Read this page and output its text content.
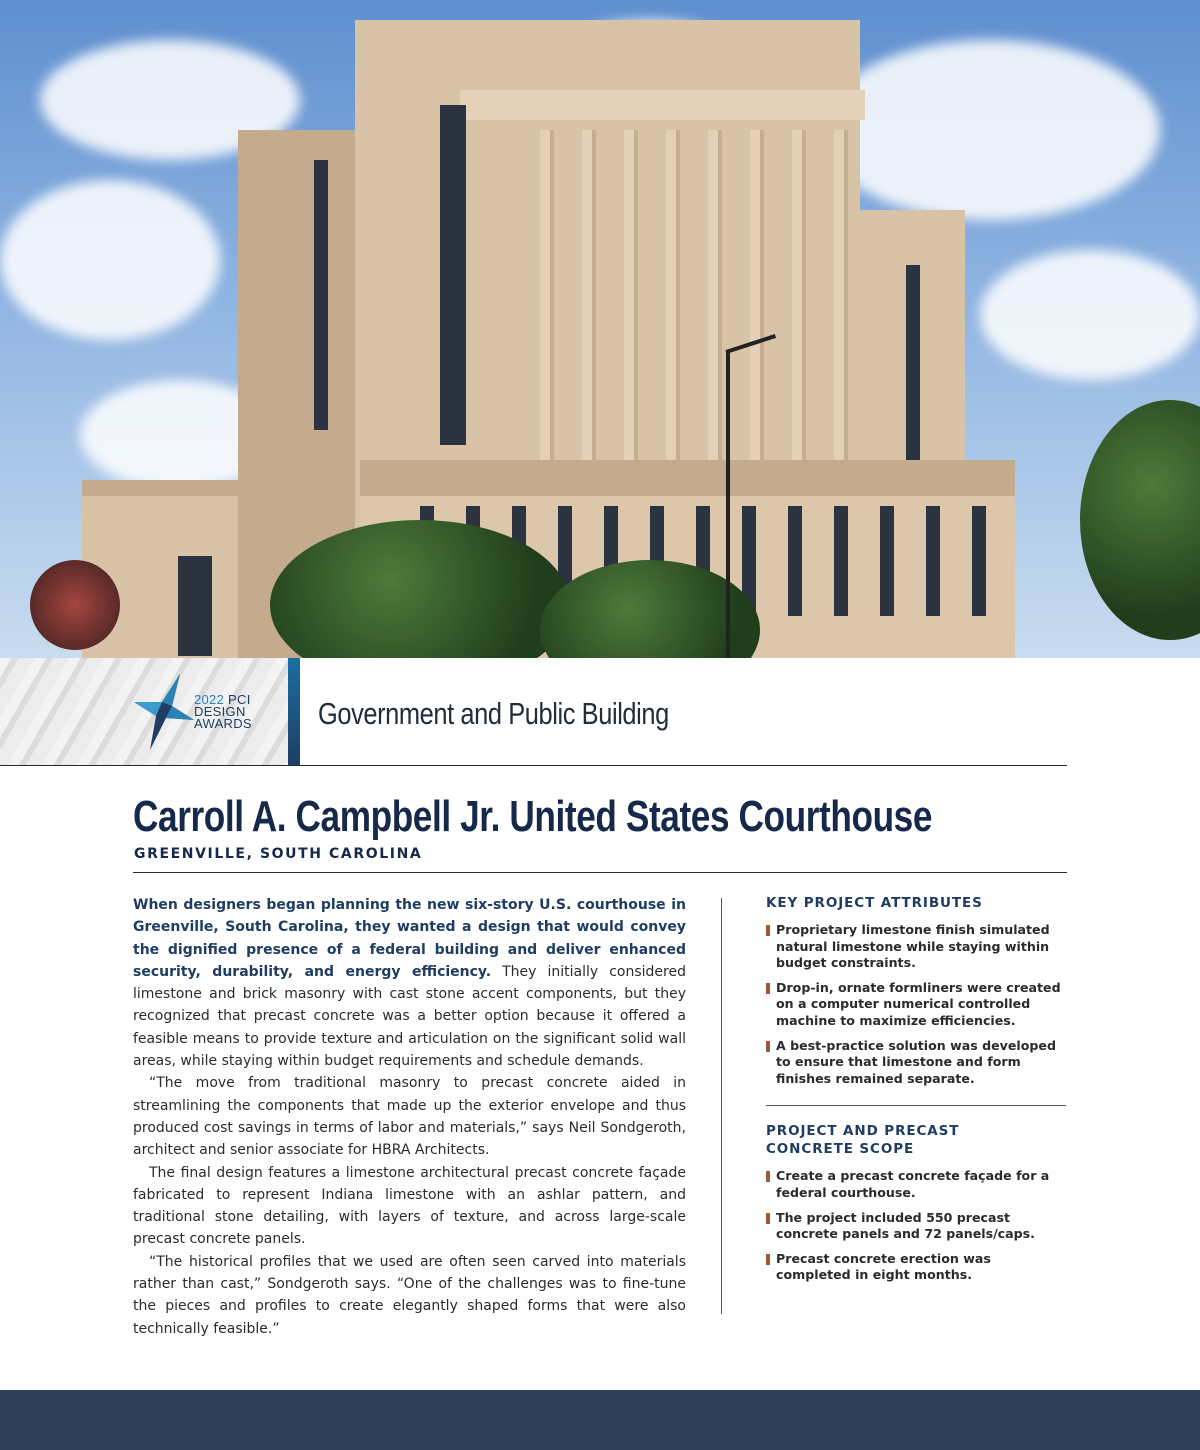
2022 PCI
DESIGN
AWARDS Government and Public Building
Carroll A. Campbell Jr. United States Courthouse
GREENVILLE, SOUTH CAROLINA

When designers began planning the new six-story U.S. courthouse in Greenville, South Carolina, they wanted a design that would convey the dignified presence of a federal building and deliver enhanced security, durability, and energy efficiency. They initially considered limestone and brick masonry with cast stone accent components, but they recognized that precast concrete was a better option because it offered a feasible means to provide texture and articulation on the significant solid wall areas, while staying within budget requirements and schedule demands.

“The move from traditional masonry to precast concrete aided in streamlining the components that made up the exterior envelope and thus produced cost savings in terms of labor and materials,” says Neil Sondgeroth, architect and senior associate for HBRA Architects.

The final design features a limestone architectural precast concrete façade fabricated to represent Indiana limestone with an ashlar pattern, and traditional stone detailing, with layers of texture, and across large-scale precast concrete panels.

“The historical profiles that we used are often seen carved into materials rather than cast,” Sondgeroth says. “One of the challenges was to fine-tune the pieces and profiles to create elegantly shaped forms that were also technically feasible.”

KEY PROJECT ATTRIBUTES
Proprietary limestone finish simulated natural limestone while staying within budget constraints.
Drop-in, ornate formliners were created on a computer numerical controlled machine to maximize efficiencies.
A best-practice solution was developed to ensure that limestone and form finishes remained separate.
PROJECT AND PRECAST
CONCRETE SCOPE
Create a precast concrete façade for a federal courthouse.
The project included 550 precast concrete panels and 72 panels/caps.
Precast concrete erection was completed in eight months.
